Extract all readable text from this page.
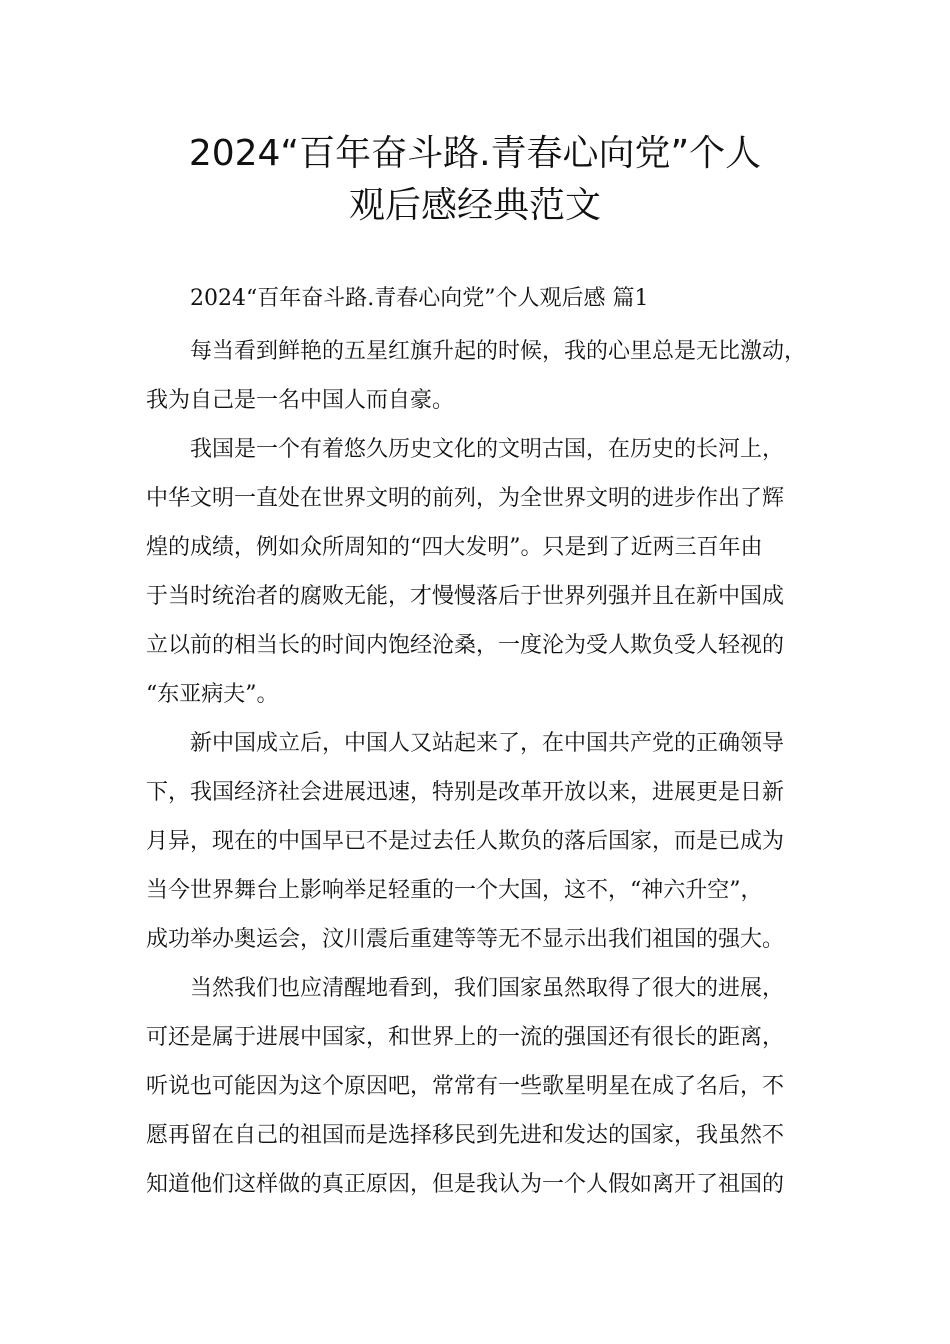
2024“百年奋斗路.青春心向党”个人
观后感经典范文

2024“百年奋斗路.青春心向党”个人观后感 篇1

每当看到鲜艳的五星红旗升起的时候，我的心里总是无比激动，

我为自己是一名中国人而自豪。

我国是一个有着悠久历史文化的文明古国，在历史的长河上，

中华文明一直处在世界文明的前列，为全世界文明的进步作出了辉

煌的成绩，例如众所周知的“四大发明”。只是到了近两三百年由

于当时统治者的腐败无能，才慢慢落后于世界列强并且在新中国成

立以前的相当长的时间内饱经沧桑，一度沦为受人欺负受人轻视的

“东亚病夫”。

新中国成立后，中国人又站起来了，在中国共产党的正确领导

下，我国经济社会进展迅速，特别是改革开放以来，进展更是日新

月异，现在的中国早已不是过去任人欺负的落后国家，而是已成为

当今世界舞台上影响举足轻重的一个大国，这不，“神六升空”，

成功举办奥运会，汶川震后重建等等无不显示出我们祖国的强大。

当然我们也应清醒地看到，我们国家虽然取得了很大的进展，

可还是属于进展中国家，和世界上的一流的强国还有很长的距离，

听说也可能因为这个原因吧，常常有一些歌星明星在成了名后，不

愿再留在自己的祖国而是选择移民到先进和发达的国家，我虽然不

知道他们这样做的真正原因，但是我认为一个人假如离开了祖国的
